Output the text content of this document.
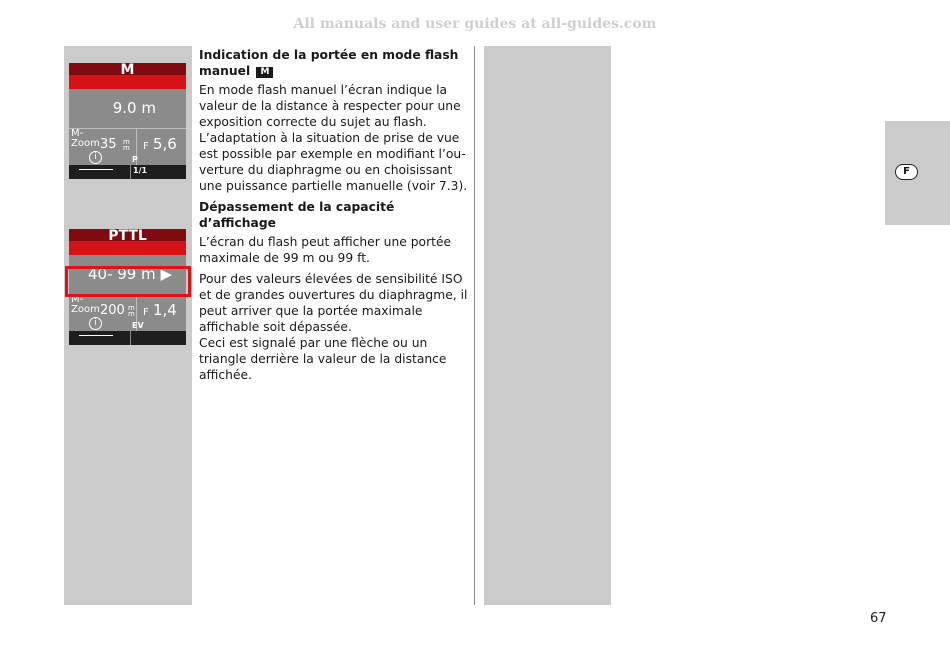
All manuals and user guides at all-guides.com
F
M
9.0 m
M-
Zoom 35 m
m F 5,6
i	P
1/1
PTTL
40- 99 m ▶
M-
Zoom 200 m
m F 1,4
i	EV
Indication de la portée en mode flash
manuel M

En mode flash manuel l’écran indique la valeur de la distance à respecter pour une exposition correcte du sujet au flash. L’adaptation à la situation de prise de vue est possible par exemple en modifiant l’ouverture du diaphragme ou en choisissant une puissance partielle manuelle (voir 7.3).

Dépassement de la capacité d’affichage

L’écran du flash peut afficher une portée maximale de 99 m ou 99 ft.

Pour des valeurs élevées de sensibilité ISO et de grandes ouvertures du diaphragme, il peut arriver que la portée maximale affichable soit dépassée.

Ceci est signalé par une flèche ou un triangle derrière la valeur de la distance affichée.

67
